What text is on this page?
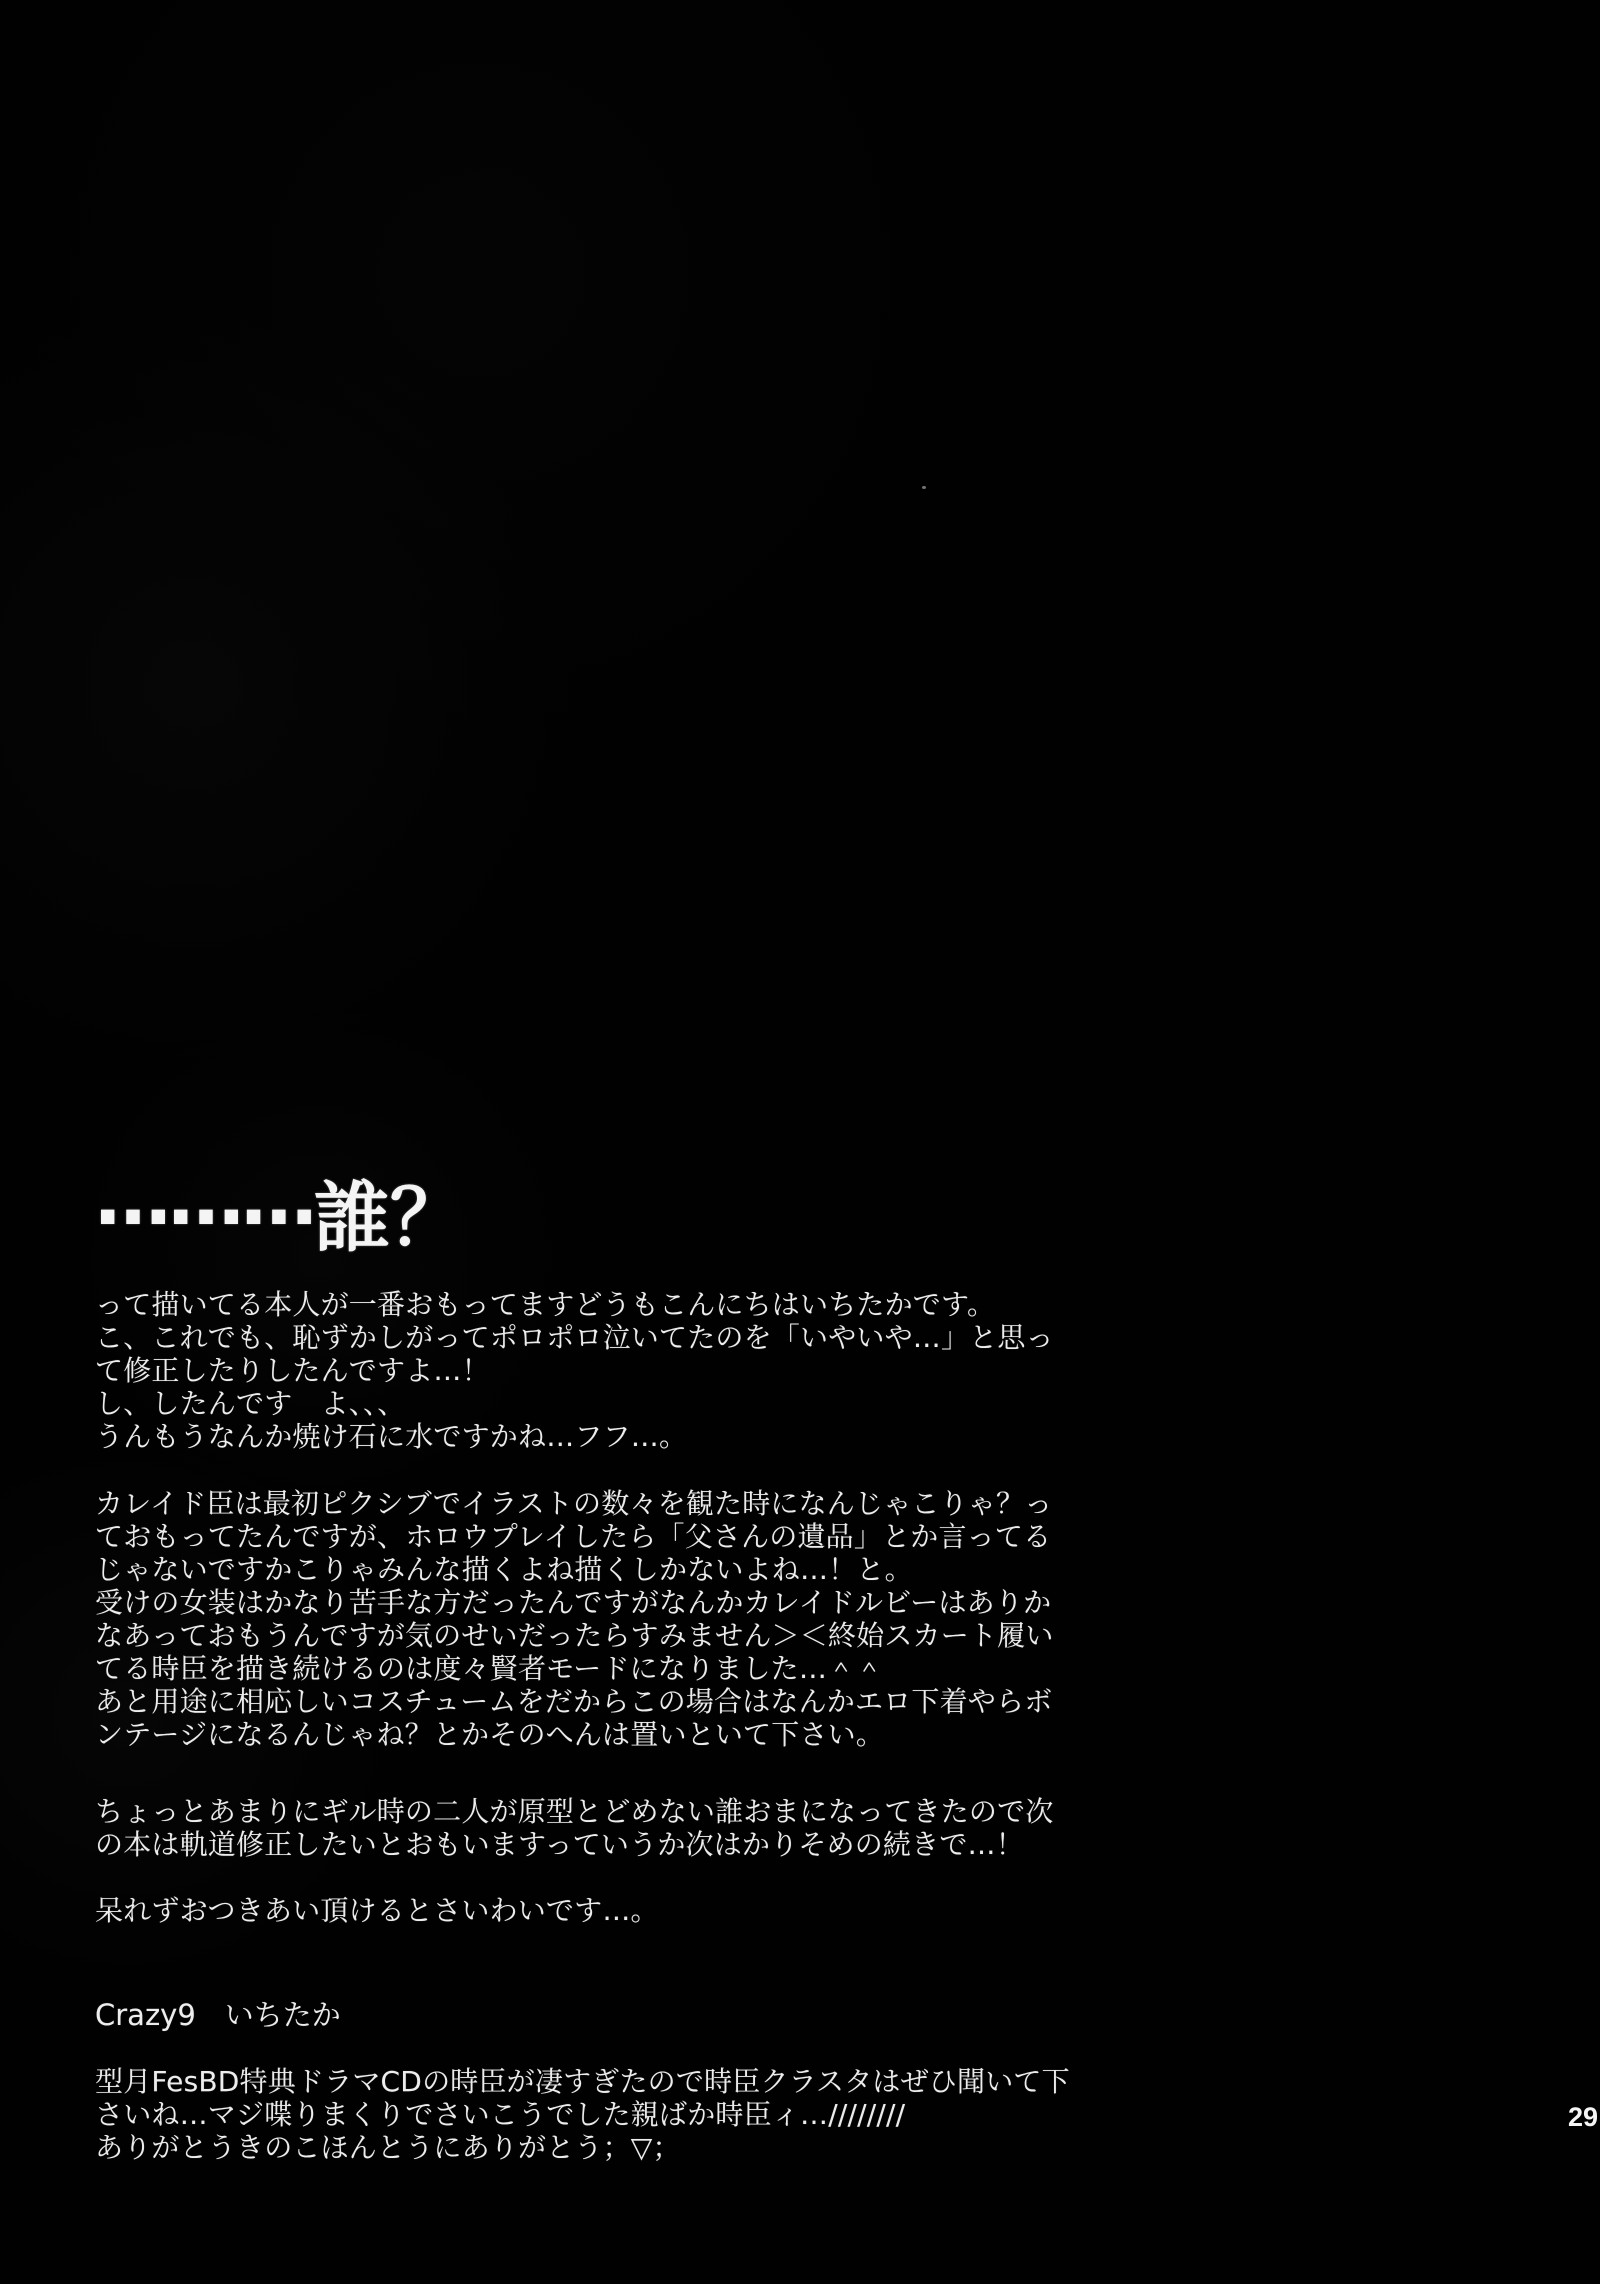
………誰？
って描いてる本人が一番おもってますどうもこんにちはいちたかです。
こ、これでも、恥ずかしがってポロポロ泣いてたのを「いやいや…」と思っ
て修正したりしたんですよ…！
し、したんです　よ、、、
うんもうなんか焼け石に水ですかね…フフ…。
カレイド臣は最初ピクシブでイラストの数々を観た時になんじゃこりゃ？っ
ておもってたんですが、ホロウプレイしたら「父さんの遺品」とか言ってる
じゃないですかこりゃみんな描くよね描くしかないよね…！と。
受けの女装はかなり苦手な方だったんですがなんかカレイドルビーはありか
なあっておもうんですが気のせいだったらすみません＞＜終始スカート履い
てる時臣を描き続けるのは度々賢者モードになりました…＾＾
あと用途に相応しいコスチュームをだからこの場合はなんかエロ下着やらボ
ンテージになるんじゃね？とかそのへんは置いといて下さい。
ちょっとあまりにギル時の二人が原型とどめない誰おまになってきたので次
の本は軌道修正したいとおもいますっていうか次はかりそめの続きで…！
呆れずおつきあい頂けるとさいわいです…。
Crazy9　いちたか
型月FesBD特典ドラマCDの時臣が凄すぎたので時臣クラスタはぜひ聞いて下
さいね…マジ喋りまくりでさいこうでした親ばか時臣ィ…////////
ありがとうきのこほんとうにありがとう；▽；
29
